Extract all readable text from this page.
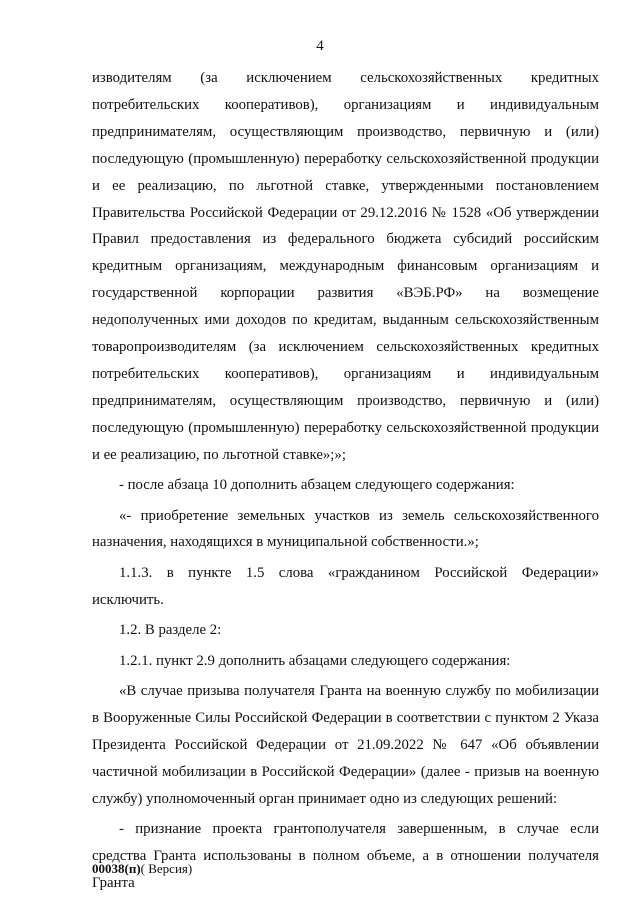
4

изводителям (за исключением сельскохозяйственных кредитных потребительских кооперативов), организациям и индивидуальным предпринимателям, осуществляющим производство, первичную и (или) последующую (промышленную) переработку сельскохозяйственной продукции и ее реализацию, по льготной ставке, утвержденными постановлением Правительства Российской Федерации от 29.12.2016 № 1528 «Об утверждении Правил предоставления из федерального бюджета субсидий российским кредитным организациям, международным финансовым организациям и государственной корпорации развития «ВЭБ.РФ» на возмещение недополученных ими доходов по кредитам, выданным сельскохозяйственным товаропроизводителям (за исключением сельскохозяйственных кредитных потребительских кооперативов), организациям и индивидуальным предпринимателям, осуществляющим производство, первичную и (или) последующую (промышленную) переработку сельскохозяйственной продукции и ее реализацию, по льготной ставке»;»;

- после абзаца 10 дополнить абзацем следующего содержания:

«- приобретение земельных участков из земель сельскохозяйственного назначения, находящихся в муниципальной собственности.»;

1.1.3. в пункте 1.5 слова «гражданином Российской Федерации» исключить.

1.2. В разделе 2:

1.2.1. пункт 2.9 дополнить абзацами следующего содержания:

«В случае призыва получателя Гранта на военную службу по мобилизации в Вооруженные Силы Российской Федерации в соответствии с пунктом 2 Указа Президента Российской Федерации от 21.09.2022 № 647 «Об объявлении частичной мобилизации в Российской Федерации» (далее - призыв на военную службу) уполномоченный орган принимает одно из следующих решений:

- признание проекта грантополучателя завершенным, в случае если средства Гранта использованы в полном объеме, а в отношении получателя Гранта

00038(п)( Версия)
